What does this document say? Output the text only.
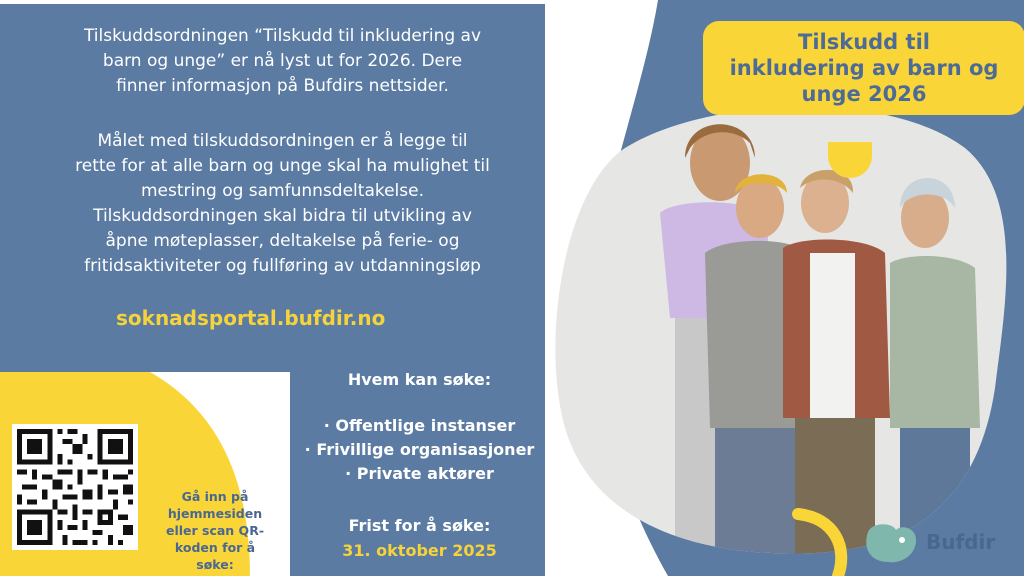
Tilskuddsordningen “Tilskudd til inkludering av
barn og unge” er nå lyst ut for 2026. Dere
finner informasjon på Bufdirs nettsider.
Målet med tilskuddsordningen er å legge til
rette for at alle barn og unge skal ha mulighet til
mestring og samfunnsdeltakelse.
Tilskuddsordningen skal bidra til utvikling av
åpne møteplasser, deltakelse på ferie- og
fritidsaktiviteter og fullføring av utdanningsløp
soknadsportal.bufdir.no
Gå inn på
hjemmesiden
eller scan QR-
koden for å søke:
Hvem kan søke:
· Offentlige instanser
· Frivillige organisasjoner
· Private aktører
Frist for å søke:
31. oktober 2025
Tilskudd til
inkludering av barn og
unge 2026
Bufdir
